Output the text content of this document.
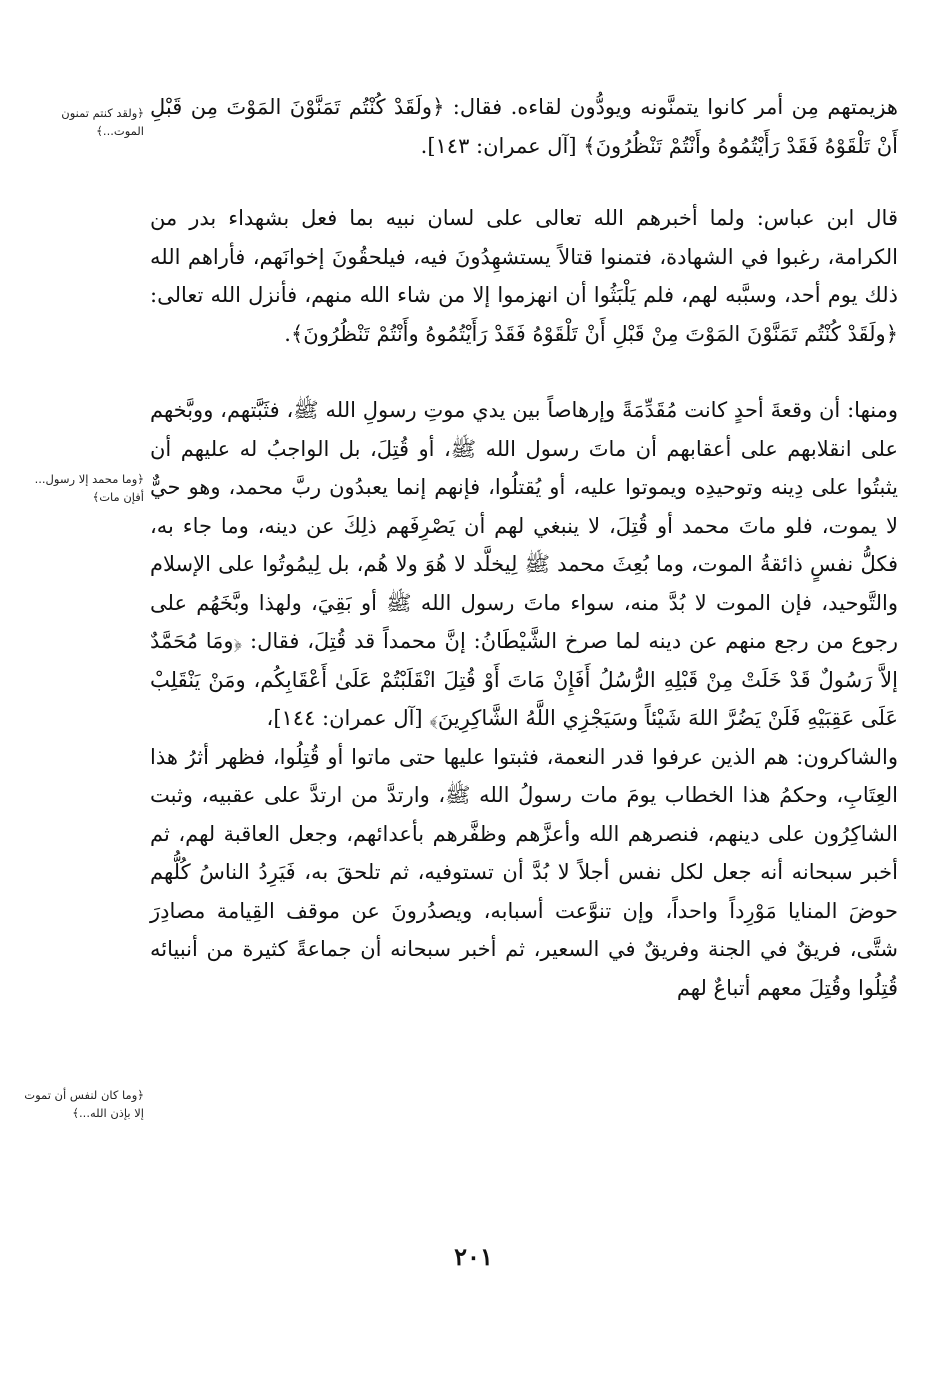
﴿ولقد كنتم تمنون الموت...﴾
﴿وما محمد إلا رسول... أفإن مات﴾
﴿وما كان لنفس أن تموت إلا بإذن الله...﴾

هزيمتهم مِن أمر كانوا يتمنَّونه ويودُّون لقاءه. فقال: ﴿ولَقَدْ كُنْتُم تَمَنَّوْنَ المَوْتَ مِن قَبْلِ أَنْ تَلْقَوْهُ فَقَدْ رَأَيْتُمُوهُ وأَنْتُمْ تَنْظُرُونَ﴾ [آل عمران: ١٤٣].

قال ابن عباس: ولما أخبرهم الله تعالى على لسان نبيه بما فعل بشهداء بدر من الكرامة، رغبوا في الشهادة، فتمنوا قتالاً يستشهِدُونَ فيه، فيلحقُونَ إخوانَهم، فأراهم الله ذلك يوم أحد، وسبَّبه لهم، فلم يَلْبَثُوا أن انهزموا إلا من شاء الله منهم، فأنزل الله تعالى: ﴿ولَقَدْ كُنْتُم تَمَنَّوْنَ المَوْتَ مِنْ قَبْلِ أَنْ تَلْقَوْهُ فَقَدْ رَأَيْتُمُوهُ وأَنْتُمْ تَنْظُرُونَ﴾.

ومنها: أن وقعةَ أحدٍ كانت مُقَدِّمَةً وإرهاصاً بين يدي موتِ رسولِ الله ﷺ، فثَبَّتهم، ووبَّخهم على انقلابهم على أعقابهم أن ماتَ رسول الله ﷺ، أو قُتِلَ، بل الواجبُ له عليهم أن يثبتُوا على دِينه وتوحيدِه ويموتوا عليه، أو يُقتلُوا، فإنهم إنما يعبدُون ربَّ محمد، وهو حيٌّ لا يموت، فلو ماتَ محمد أو قُتِلَ، لا ينبغي لهم أن يَصْرِفَهم ذلِكَ عن دينه، وما جاء به، فكلُّ نفسٍ ذائقةُ الموت، وما بُعِثَ محمد ﷺ لِيخلَّد لا هُوَ ولا هُم، بل لِيمُوتُوا على الإسلام والتَّوحيد، فإن الموت لا بُدَّ منه، سواء ماتَ رسول الله ﷺ أو بَقِيَ، ولهذا وبَّخَهُم على رجوع من رجع منهم عن دينه لما صرخ الشَّيْطَانُ: إنَّ محمداً قد قُتِلَ، فقال: ﴿ومَا مُحَمَّدٌ إلاَّ رَسُولٌ قَدْ خَلَتْ مِنْ قَبْلِهِ الرُّسُلُ أَفَإِنْ مَاتَ أَوْ قُتِلَ انْقَلَبْتُمْ عَلَىٰ أَعْقَابِكُم، ومَنْ يَنْقَلِبْ عَلَى عَقِبَيْهِ فَلَنْ يَضُرَّ اللهَ شَيْئاً وسَيَجْزِي اللَّهُ الشَّاكِرِينَ﴾ [آل عمران: ١٤٤]،

والشاكرون: هم الذين عرفوا قدر النعمة، فثبتوا عليها حتى ماتوا أو قُتِلُوا، فظهر أثرُ هذا العِتَابِ، وحكمُ هذا الخطاب يومَ مات رسولُ الله ﷺ، وارتدَّ من ارتدَّ على عقبيه، وثبت الشاكِرُون على دينهم، فنصرهم الله وأعزَّهم وظفَّرهم بأعدائهم، وجعل العاقبة لهم، ثم أخبر سبحانه أنه جعل لكل نفس أجلاً لا بُدَّ أن تستوفيه، ثم تلحقَ به، فَيَرِدُ الناسُ كُلُّهم حوضَ المنايا مَوْرِداً واحداً، وإن تنوَّعت أسبابه، ويصدُرونَ عن موقف القِيامة مصادِرَ شتَّى، فريقٌ في الجنة وفريقٌ في السعير، ثم أخبر سبحانه أن جماعةً كثيرة من أنبيائه قُتِلُوا وقُتِلَ معهم أتباعٌ لهم

٢٠١
